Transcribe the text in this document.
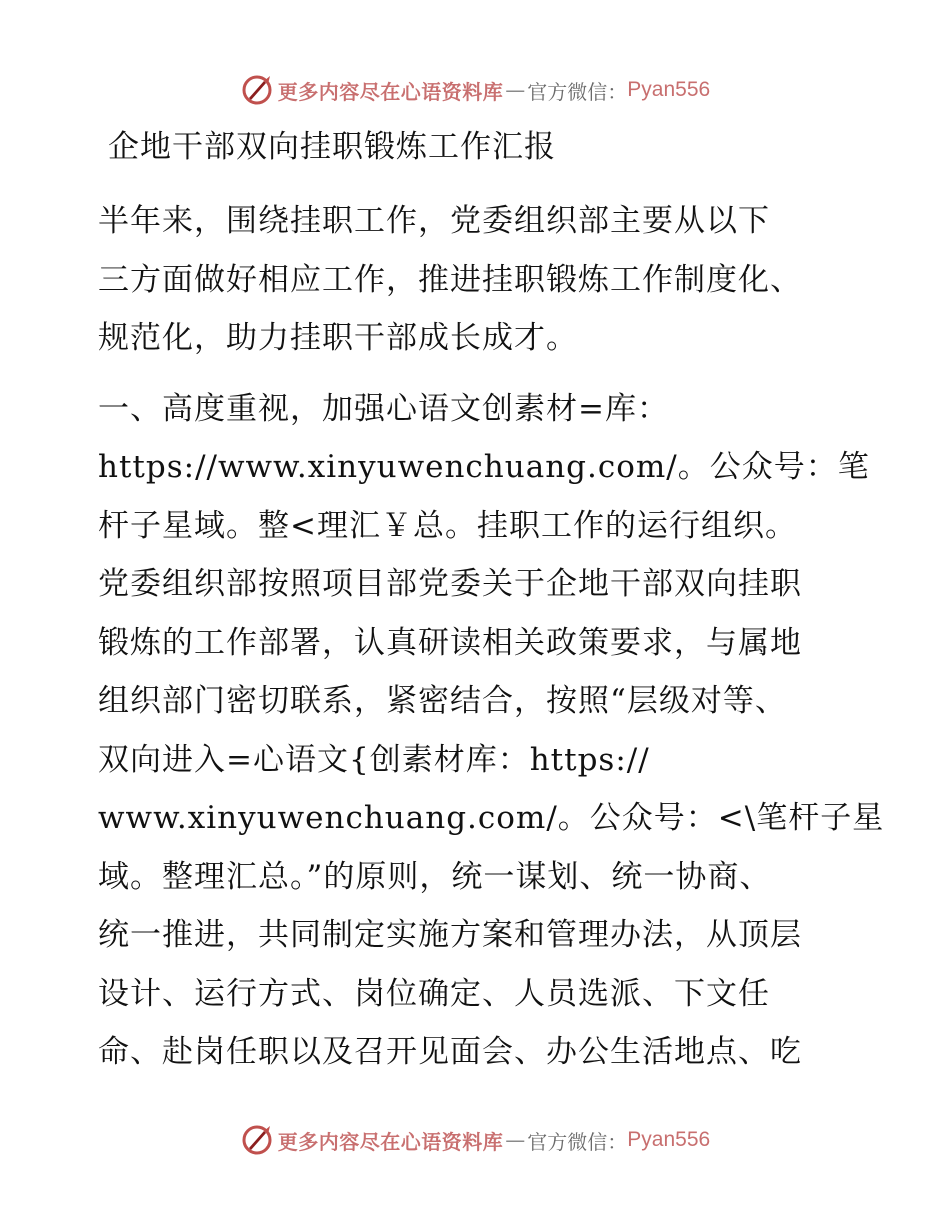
更多内容尽在心语资料库 — 官方微信： Pyan556

企地干部双向挂职锻炼工作汇报

半年来，围绕挂职工作，党委组织部主要从以下
三方面做好相应工作，推进挂职锻炼工作制度化、
规范化，助力挂职干部成长成才。

一、高度重视，加强心语文创素材=库：
https://www.xinyuwenchuang.com/。公众号：笔
杆子星域。整<理汇￥总。挂职工作的运行组织。
党委组织部按照项目部党委关于企地干部双向挂职
锻炼的工作部署，认真研读相关政策要求，与属地
组织部门密切联系，紧密结合，按照“层级对等、
双向进入=心语文{创素材库：https://
www.xinyuwenchuang.com/。公众号：<\笔杆子星
域。整理汇总。”的原则，统一谋划、统一协商、
统一推进，共同制定实施方案和管理办法，从顶层
设计、运行方式、岗位确定、人员选派、下文任
命、赴岗任职以及召开见面会、办公生活地点、吃

更多内容尽在心语资料库 — 官方微信： Pyan556
